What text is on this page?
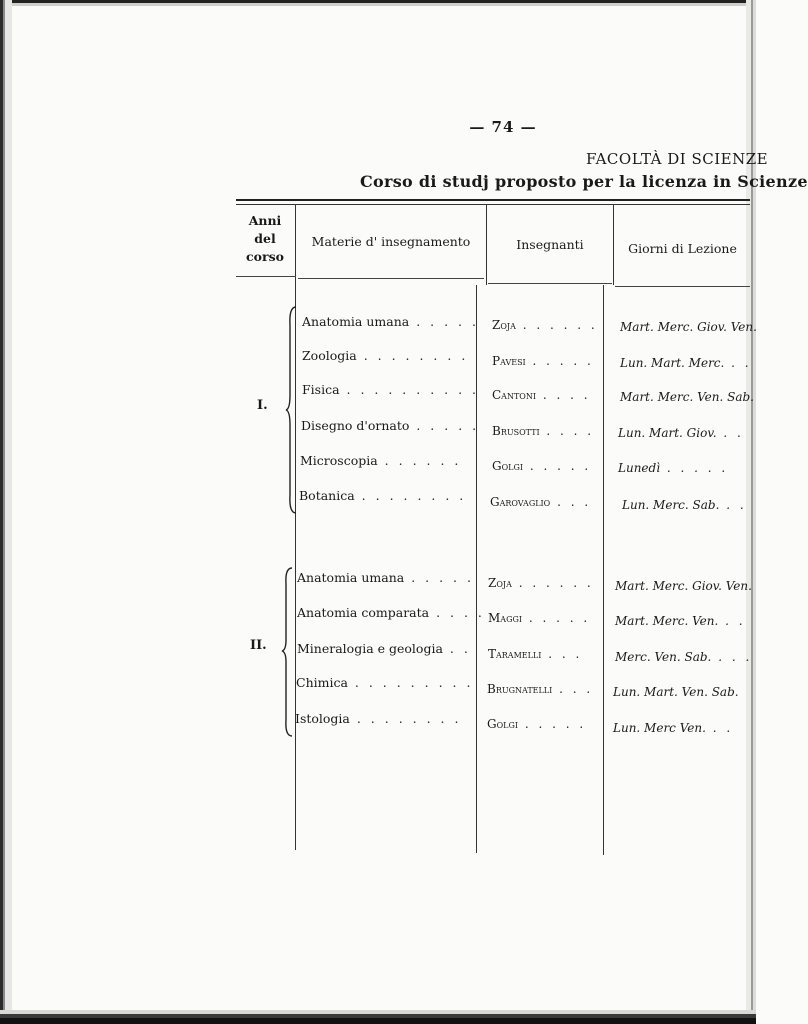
— 74 —
FACOLTÀ DI SCIENZE
Corso di studj proposto per la licenza in Scienze
Anni
del
corso
Materie d' insegnamento	Insegnanti	Giorni di Lezione
I.
Anatomia umana . . . . . Zoja . . . . . . Mart. Merc. Giov. Ven.
Zoologia . . . . . . . . Pavesi . . . . . Lun. Mart. Merc. . .
Fisica . . . . . . . . . . Cantoni . . . . Mart. Merc. Ven. Sab.
Disegno d'ornato . . . . . Brusotti . . . . Lun. Mart. Giov. . .
Microscopia . . . . . .	Golgi . . . . . Lunedì . . . . .
Botanica . . . . . . . . Garovaglio . . .	Lun. Merc. Sab. . .
II.
Anatomia umana . . . . . Zoja . . . . . . Mart. Merc. Giov. Ven.
Anatomia comparata . . . . Maggi . . . . . Mart. Merc. Ven. . .
Mineralogia e geologia . . Taramelli . . .	Merc. Ven. Sab. . . .
Chimica . . . . . . . . . Brugnatelli . . . Lun. Mart. Ven. Sab.
Istologia . . . . . . . . Golgi . . . . . Lun. Merc Ven. . .
